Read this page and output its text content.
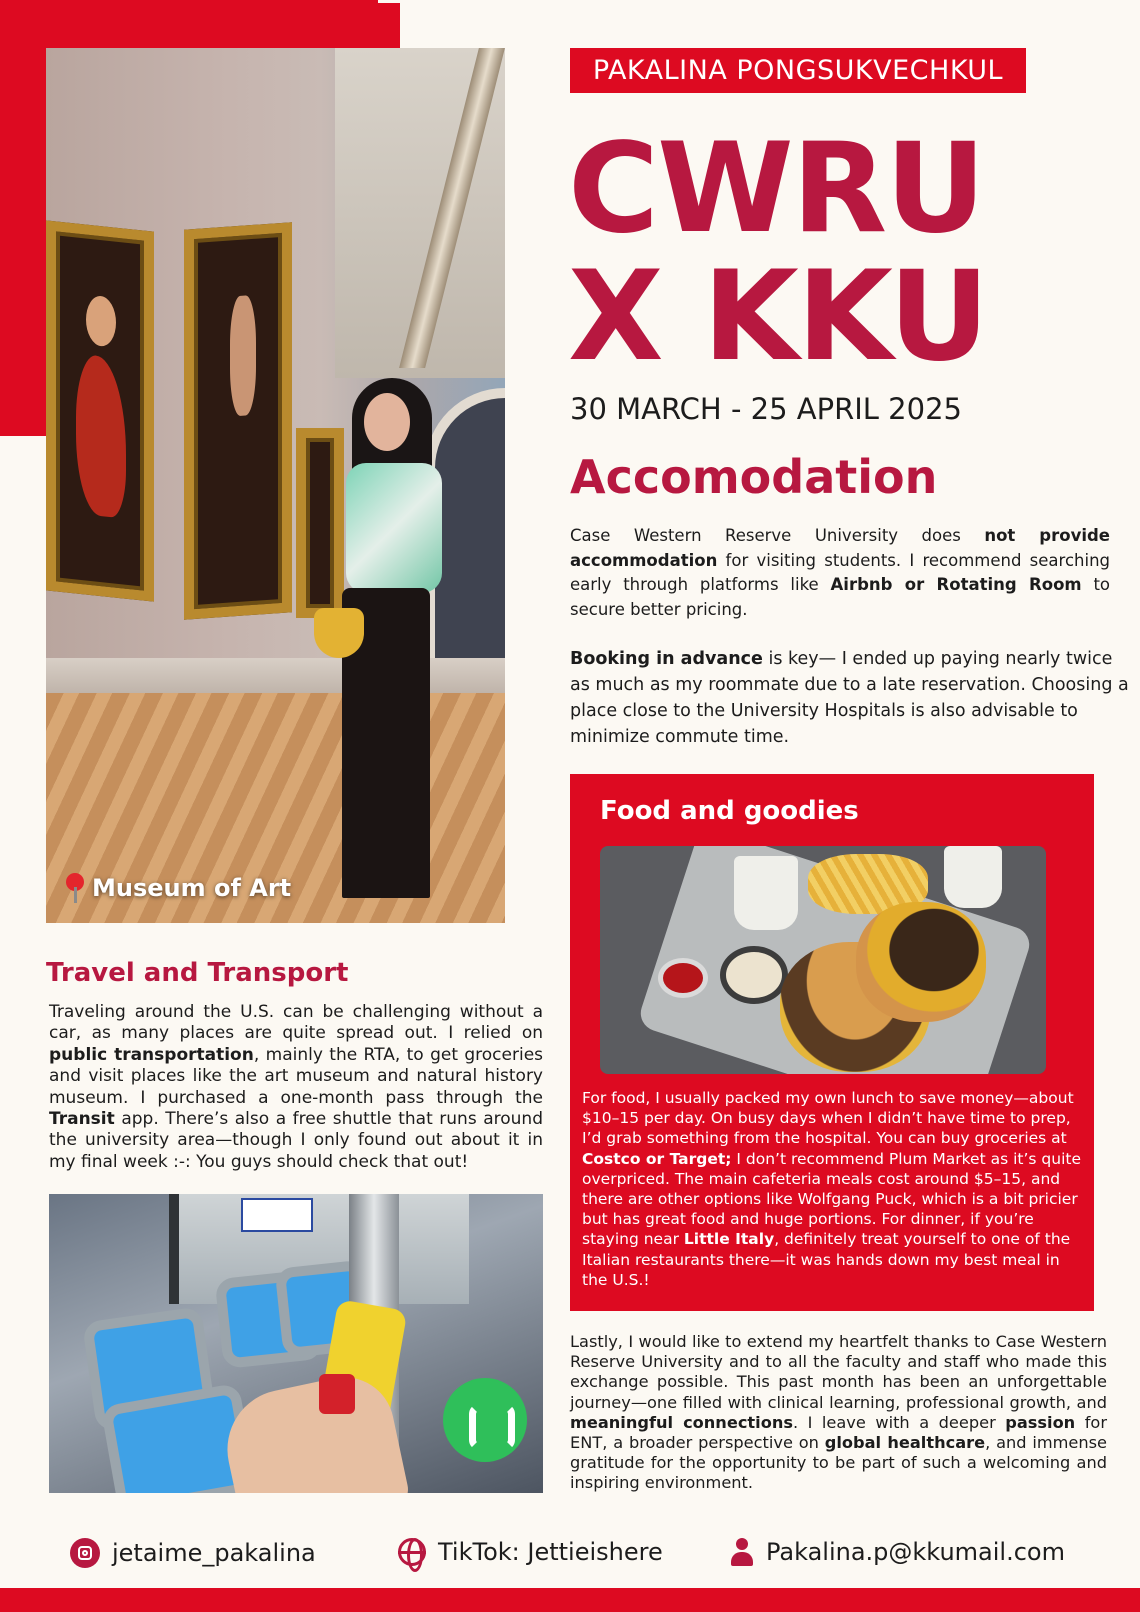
Museum of Art
PAKALINA PONGSUKVECHKUL
CWRU
X KKU
30 MARCH - 25 APRIL 2025
Accomodation

Case Western Reserve University does not provide accommodation for visiting students. I recommend searching early through platforms like Airbnb or Rotating Room to secure better pricing.

Booking in advance is key— I ended up paying nearly twice as much as my roommate due to a late reservation. Choosing a place close to the University Hospitals is also advisable to minimize commute time.

Food and goodies

For food, I usually packed my own lunch to save money—about $10–15 per day. On busy days when I didn’t have time to prep, I’d grab something from the hospital. You can buy groceries at Costco or Target; I don’t recommend Plum Market as it’s quite overpriced. The main cafeteria meals cost around $5–15, and there are other options like Wolfgang Puck, which is a bit pricier but has great food and huge portions. For dinner, if you’re staying near Little Italy, definitely treat yourself to one of the Italian restaurants there—it was hands down my best meal in the U.S.!

Travel and Transport

Traveling around the U.S. can be challenging without a car, as many places are quite spread out. I relied on public transportation, mainly the RTA, to get groceries and visit places like the art museum and natural history museum. I purchased a one-month pass through the Transit app. There’s also a free shuttle that runs around the university area—though I only found out about it in my final week :-: You guys should check that out!

Lastly, I would like to extend my heartfelt thanks to Case Western Reserve University and to all the faculty and staff who made this exchange possible. This past month has been an unforgettable journey—one filled with clinical learning, professional growth, and meaningful connections. I leave with a deeper passion for ENT, a broader perspective on global healthcare, and immense gratitude for the opportunity to be part of such a welcoming and inspiring environment.

jetaime_pakalina	TikTok: Jettieishere	Pakalina.p@kkumail.com
